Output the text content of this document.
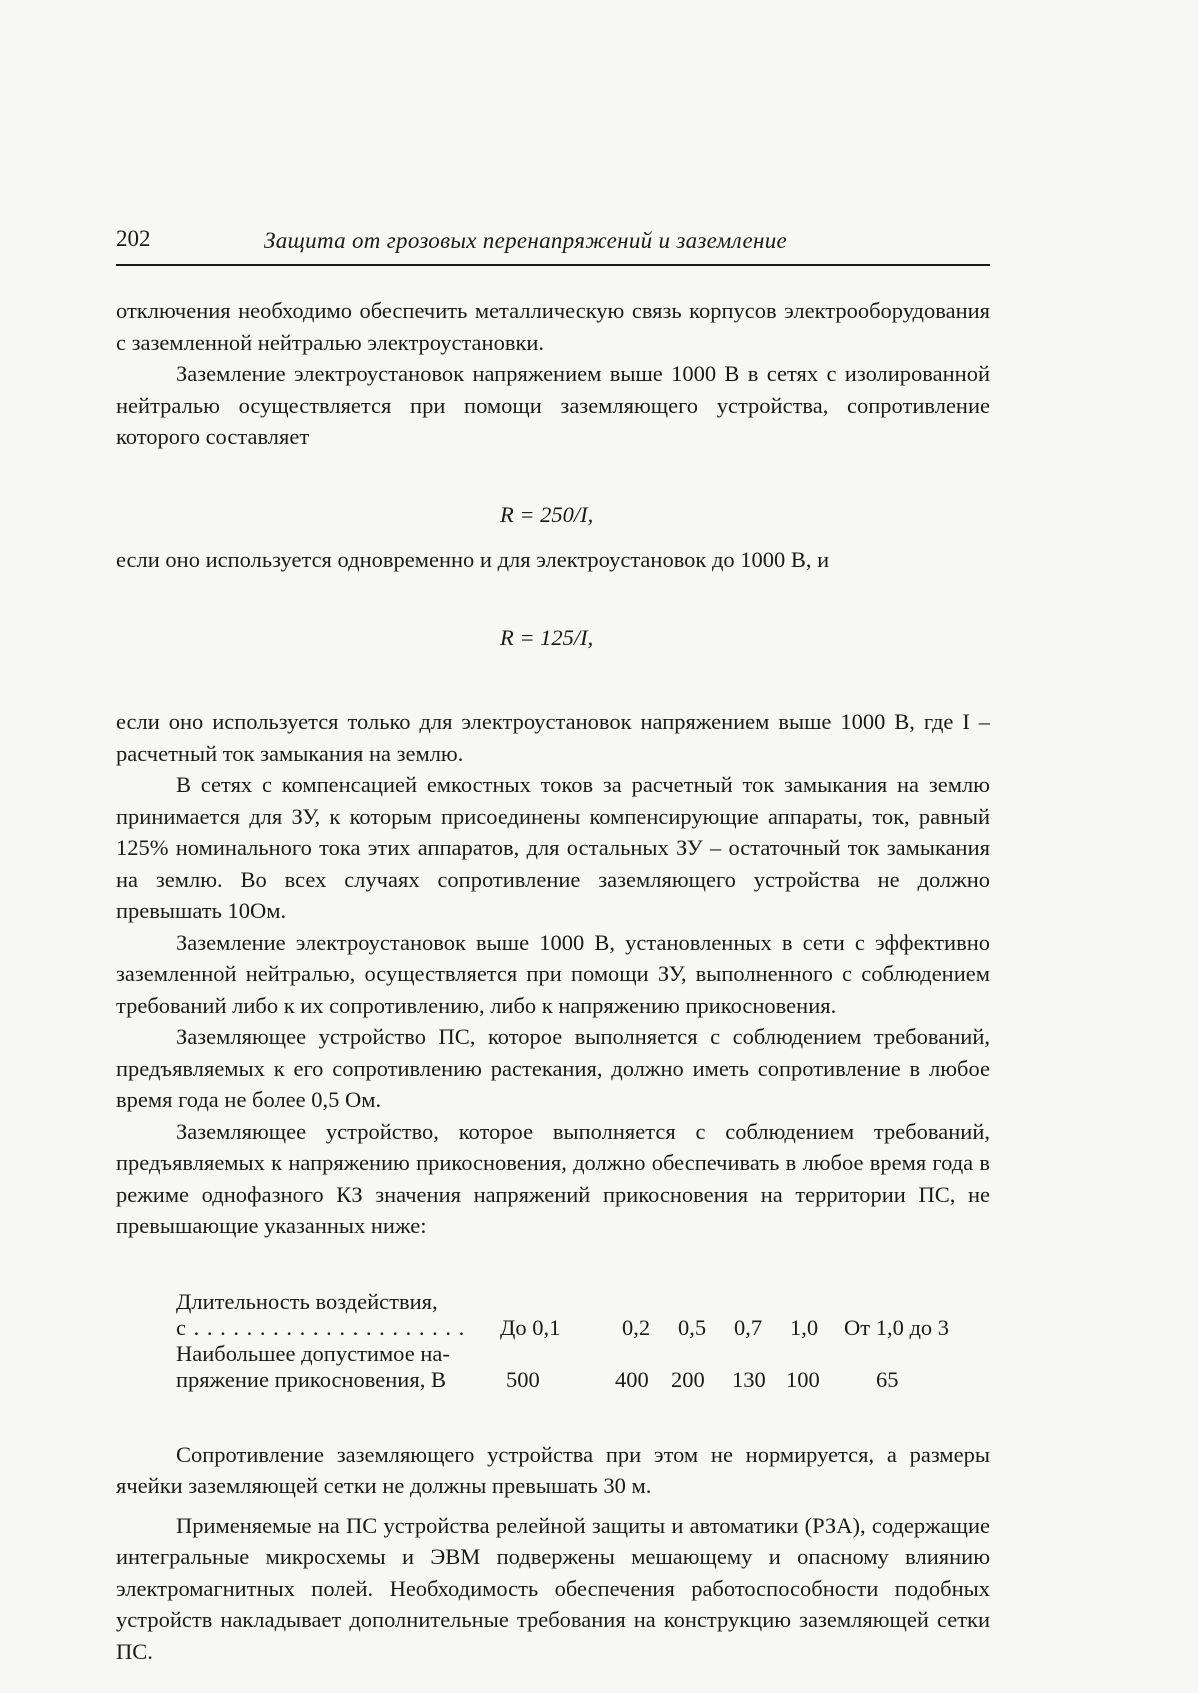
202	Защита от грозовых перенапряжений и заземление

отключения необходимо обеспечить металлическую связь корпусов электрооборудования с заземленной нейтралью электроустановки.

Заземление электроустановок напряжением выше 1000 В в сетях с изолированной нейтралью осуществляется при помощи заземляющего устройства, сопротивление которого составляет

R = 250/I,

если оно используется одновременно и для электроустановок до 1000 В, и

R = 125/I,

если оно используется только для электроустановок напряжением выше 1000 В, где I – расчетный ток замыкания на землю.

В сетях с компенсацией емкостных токов за расчетный ток замыкания на землю принимается для ЗУ, к которым присоединены компенсирующие аппараты, ток, равный 125% номинального тока этих аппаратов, для остальных ЗУ – остаточный ток замыкания на землю. Во всех случаях сопротивление заземляющего устройства не должно превышать 10Ом.

Заземление электроустановок выше 1000 В, установленных в сети с эффективно заземленной нейтралью, осуществляется при помощи ЗУ, выполненного с соблюдением требований либо к их сопротивлению, либо к напряжению прикосновения.

Заземляющее устройство ПС, которое выполняется с соблюдением требований, предъявляемых к его сопротивлению растекания, должно иметь сопротивление в любое время года не более 0,5 Ом.

Заземляющее устройство, которое выполняется с соблюдением требований, предъявляемых к напряжению прикосновения, должно обеспечивать в любое время года в режиме однофазного КЗ значения напряжений прикосновения на территории ПС, не превышающие указанных ниже:

Длительность воздействия,
с . . . . . . . . . . . . . . . . . . . . . До 0,1	0,2 0,5 0,7 1,0 От 1,0 до 3
Наибольшее допустимое на-
пряжение прикосновения, В	500	400 200 130 100	65

Сопротивление заземляющего устройства при этом не нормируется, а размеры ячейки заземляющей сетки не должны превышать 30 м.

Применяемые на ПС устройства релейной защиты и автоматики (РЗА), содержащие интегральные микросхемы и ЭВМ подвержены мешающему и опасному влиянию электромагнитных полей. Необходимость обеспечения работоспособности подобных устройств накладывает дополнительные требования на конструкцию заземляющей сетки ПС.
